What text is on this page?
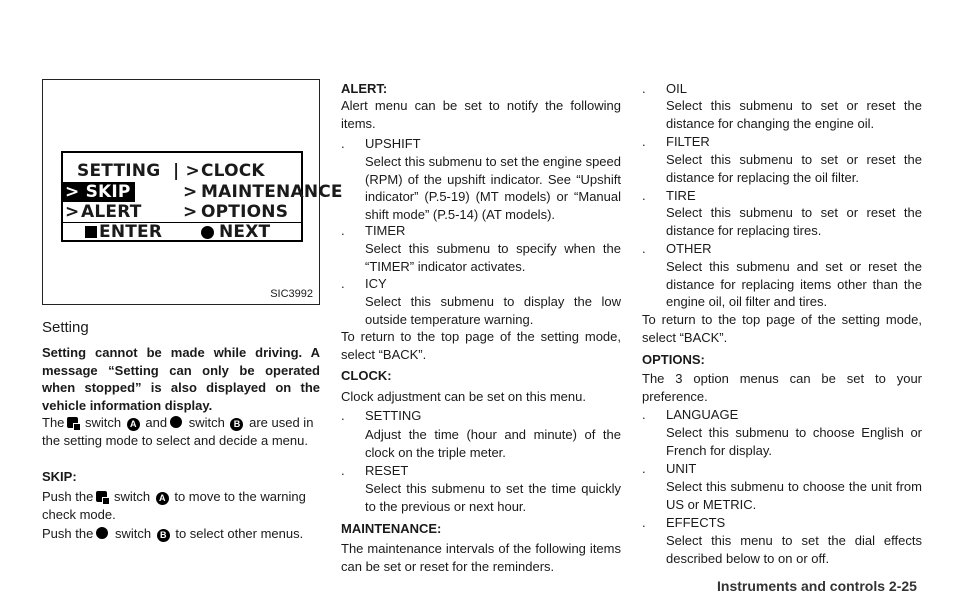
SETTING | > CLOCK
> SKIP	> MAINTENANCE
> ALERT > OPTIONS
ENTER	NEXT
SIC3992
Setting
Setting cannot be made while driving. A message “Setting can only be operated when stopped” is also displayed on the vehicle information display.
The switch A and switch B are used in the setting mode to select and decide a menu.
SKIP:
Push the switch A to move to the warning check mode.
Push the switch B to select other menus.
ALERT:
Alert menu can be set to notify the following items.
. UPSHIFT
Select this submenu to set the engine speed (RPM) of the upshift indicator. See “Upshift indicator” (P.5-19) (MT models) or “Manual shift mode” (P.5-14) (AT models).
. TIMER
Select this submenu to specify when the “TIMER” indicator activates.
. ICY
Select this submenu to display the low outside temperature warning.
To return to the top page of the setting mode, select “BACK”.
CLOCK:
Clock adjustment can be set on this menu.
. SETTING
Adjust the time (hour and minute) of the clock on the triple meter.
. RESET
Select this submenu to set the time quickly to the previous or next hour.
MAINTENANCE:
The maintenance intervals of the following items can be set or reset for the reminders.
. OIL
Select this submenu to set or reset the distance for changing the engine oil.
. FILTER
Select this submenu to set or reset the distance for replacing the oil filter.
. TIRE
Select this submenu to set or reset the distance for replacing tires.
. OTHER
Select this submenu and set or reset the distance for replacing items other than the engine oil, oil filter and tires.
To return to the top page of the setting mode, select “BACK”.
OPTIONS:
The 3 option menus can be set to your preference.
. LANGUAGE
Select this submenu to choose English or French for display.
. UNIT
Select this submenu to choose the unit from US or METRIC.
. EFFECTS
Select this menu to set the dial effects described below to on or off.
Instruments and controls 2-25
